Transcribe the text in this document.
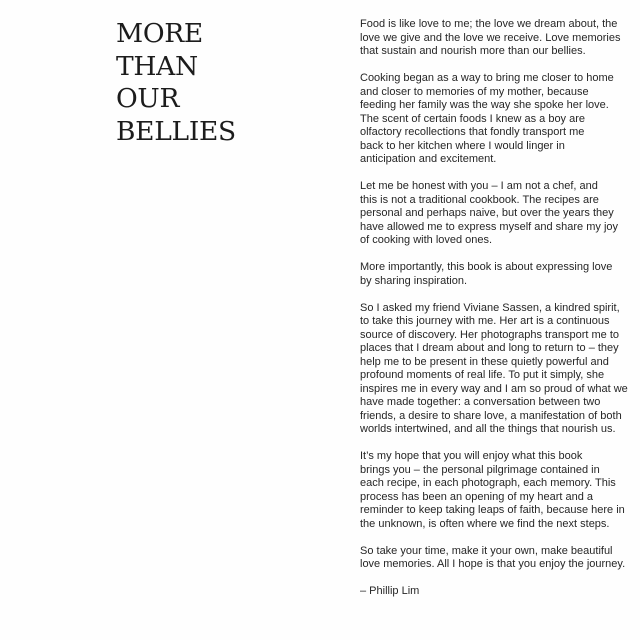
MORE
THAN
OUR
BELLIES

Food is like love to me; the love we dream about, the
love we give and the love we receive. Love memories
that sustain and nourish more than our bellies.

Cooking began as a way to bring me closer to home
and closer to memories of my mother, because
feeding her family was the way she spoke her love.
The scent of certain foods I knew as a boy are
olfactory recollections that fondly transport me
back to her kitchen where I would linger in
anticipation and excitement.

Let me be honest with you – I am not a chef, and
this is not a traditional cookbook. The recipes are
personal and perhaps naive, but over the years they
have allowed me to express myself and share my joy
of cooking with loved ones.

More importantly, this book is about expressing love
by sharing inspiration.

So I asked my friend Viviane Sassen, a kindred spirit,
to take this journey with me. Her art is a continuous
source of discovery. Her photographs transport me to
places that I dream about and long to return to – they
help me to be present in these quietly powerful and
profound moments of real life. To put it simply, she
inspires me in every way and I am so proud of what we
have made together: a conversation between two
friends, a desire to share love, a manifestation of both
worlds intertwined, and all the things that nourish us.

It’s my hope that you will enjoy what this book
brings you – the personal pilgrimage contained in
each recipe, in each photograph, each memory. This
process has been an opening of my heart and a
reminder to keep taking leaps of faith, because here in
the unknown, is often where we find the next steps.

So take your time, make it your own, make beautiful
love memories. All I hope is that you enjoy the journey.

– Phillip Lim
